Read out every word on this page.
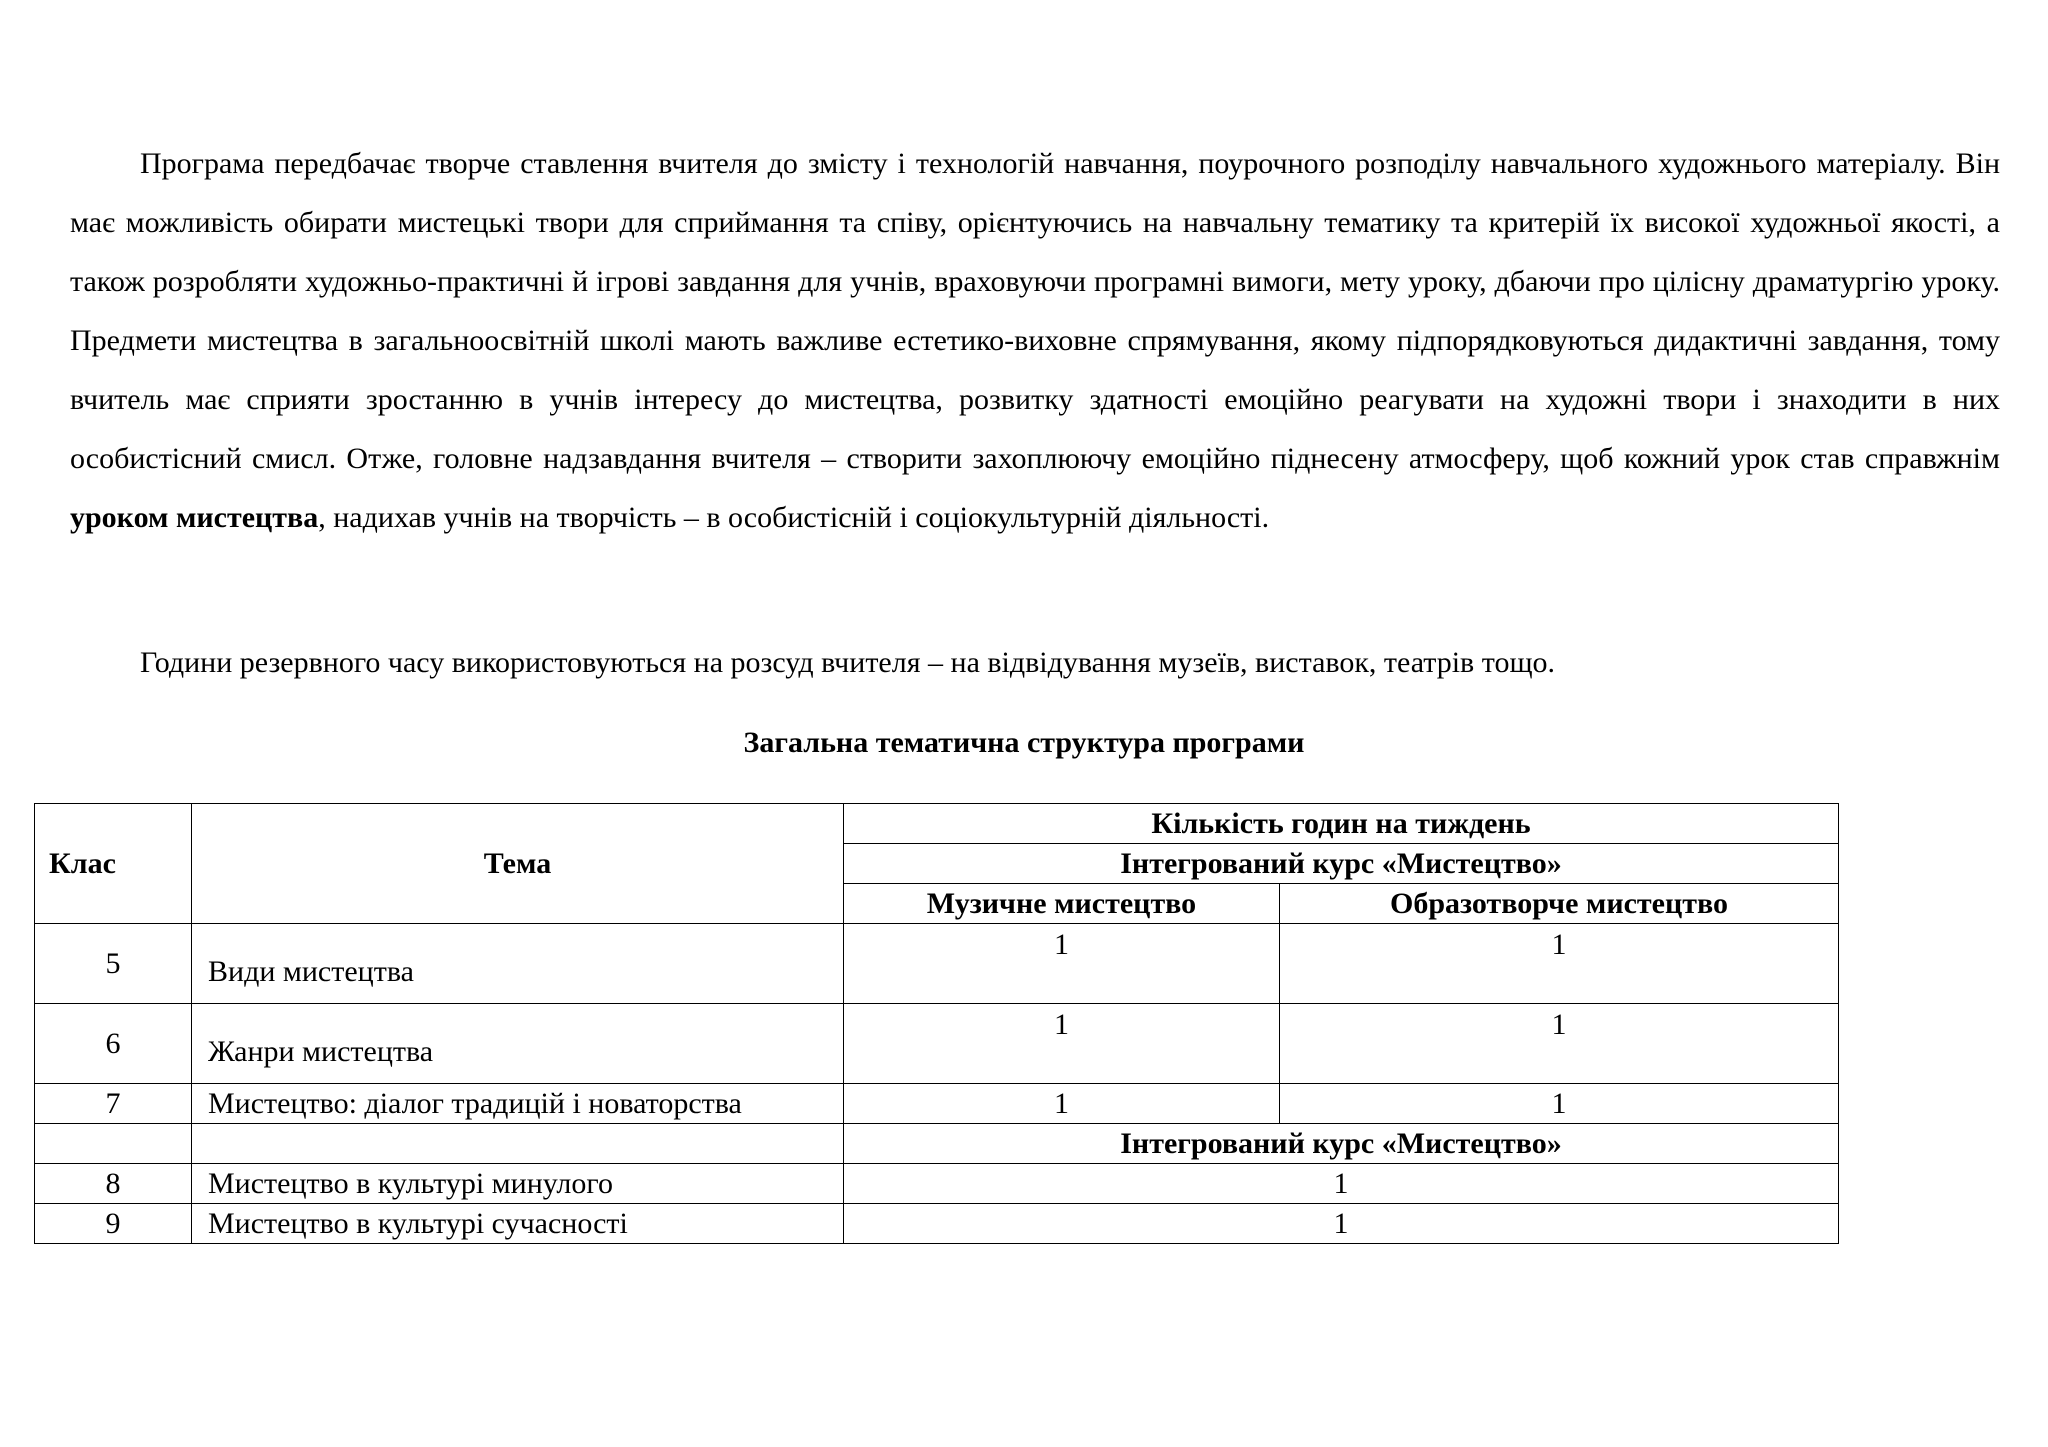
Програма передбачає творче ставлення вчителя до змісту і технологій навчання, поурочного розподілу навчального художнього матеріалу. Він має можливість обирати мистецькі твори для сприймання та співу, орієнтуючись на навчальну тематику та критерій їх високої художньої якості, а також розробляти художньо-практичні й ігрові завдання для учнів, враховуючи програмні вимоги, мету уроку, дбаючи про цілісну драматургію уроку. Предмети мистецтва в загальноосвітній школі мають важливе естетико-виховне спрямування, якому підпорядковуються дидактичні завдання, тому вчитель має сприяти зростанню в учнів інтересу до мистецтва, розвитку здатності емоційно реагувати на художні твори і знаходити в них особистісний смисл. Отже, головне надзавдання вчителя – створити захоплюючу емоційно піднесену атмосферу, щоб кожний урок став справжнім уроком мистецтва, надихав учнів на творчість – в особистісній і соціокультурній діяльності.

Години резервного часу використовуються на розсуд вчителя – на відвідування музеїв, виставок, театрів тощо.

Загальна тематична структура програми

Клас	Тема	Кількість годин на тиждень	
		Інтегрований курс «Мистецтво»	
		Музичне мистецтво	Образотворче мистецтво
5	Види мистецтва	1	1
6	Жанри мистецтва	1	1
7	Мистецтво: діалог традицій і новаторства	1	1
		Інтегрований курс «Мистецтво»	
8	Мистецтво в культурі минулого	1	
9	Мистецтво в культурі сучасності	1	
